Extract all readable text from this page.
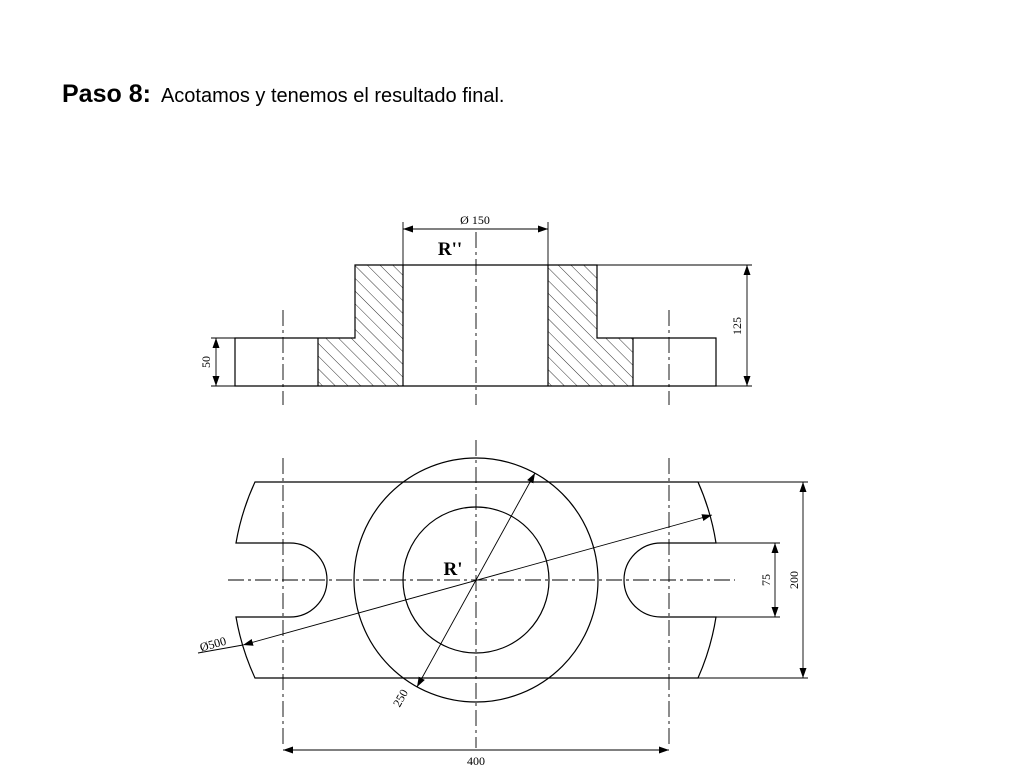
Paso 8: Acotamos y tenemos el resultado final.
Ø 150
R''
125
50
R'
Ø500
250
75 200
400
